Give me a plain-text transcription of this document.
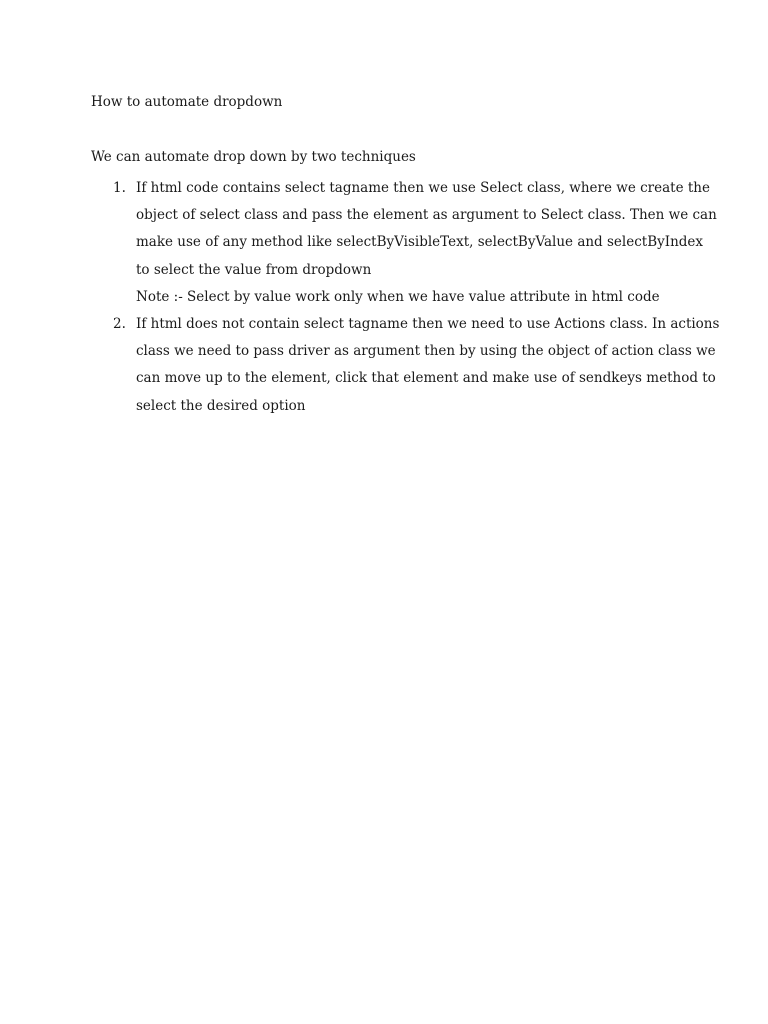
How to automate dropdown
We can automate drop down by two techniques
1. If html code contains select tagname then we use Select class, where we create the
object of select class and pass the element as argument to Select class. Then we can
make use of any method like selectByVisibleText, selectByValue and selectByIndex
to select the value from dropdown
Note :- Select by value work only when we have value attribute in html code
2. If html does not contain select tagname then we need to use Actions class. In actions
class we need to pass driver as argument then by using the object of action class we
can move up to the element, click that element and make use of sendkeys method to
select the desired option
